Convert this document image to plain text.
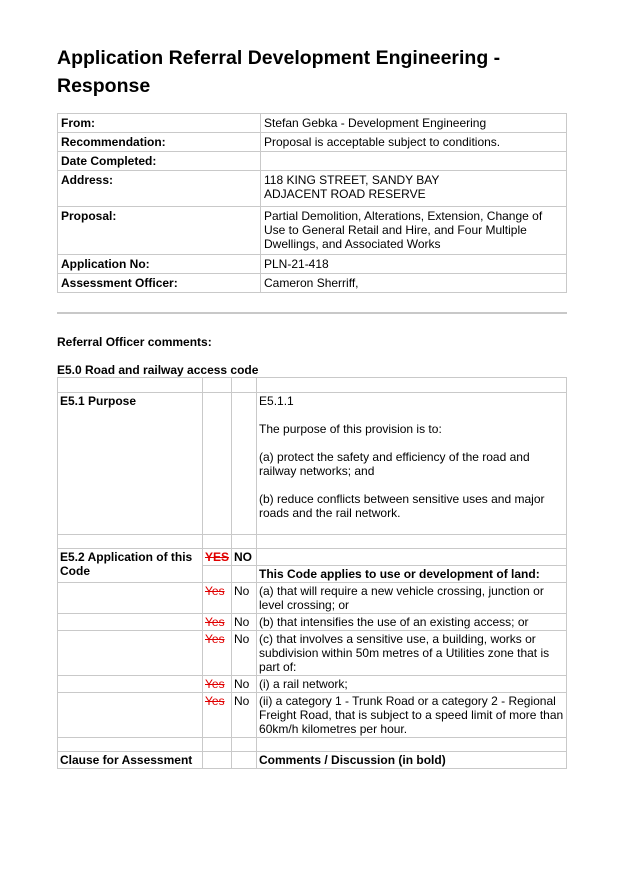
Application Referral Development Engineering - Response
From:	Stefan Gebka - Development Engineering
Recommendation:	Proposal is acceptable subject to conditions.
Date Completed:	
Address:	118 KING STREET, SANDY BAY
ADJACENT ROAD RESERVE

Proposal:	Partial Demolition, Alterations, Extension, Change of Use to General Retail and Hire, and Four Multiple Dwellings, and Associated Works
Application No:	PLN-21-418
Assessment Officer:	Cameron Sherriff,
Referral Officer comments:
E5.0 Road and railway access code

E5.1 Purpose			E5.1.1
The purpose of this provision is to:
(a) protect the safety and efficiency of the road and railway networks; and
(b) reduce conflicts between sensitive uses and major roads and the rail network.

E5.2 Application of this Code	YES	NO	
			This Code applies to use or development of land:
	Yes	No	(a) that will require a new vehicle crossing, junction or level crossing; or
	Yes	No	(b) that intensifies the use of an existing access; or
	Yes	No	(c) that involves a sensitive use, a building, works or subdivision within 50m metres of a Utilities zone that is part of:
	Yes	No	(i) a rail network;
	Yes	No	(ii) a category 1 - Trunk Road or a category 2 - Regional Freight Road, that is subject to a speed limit of more than 60km/h kilometres per hour.

Clause for Assessment			Comments / Discussion (in bold)
